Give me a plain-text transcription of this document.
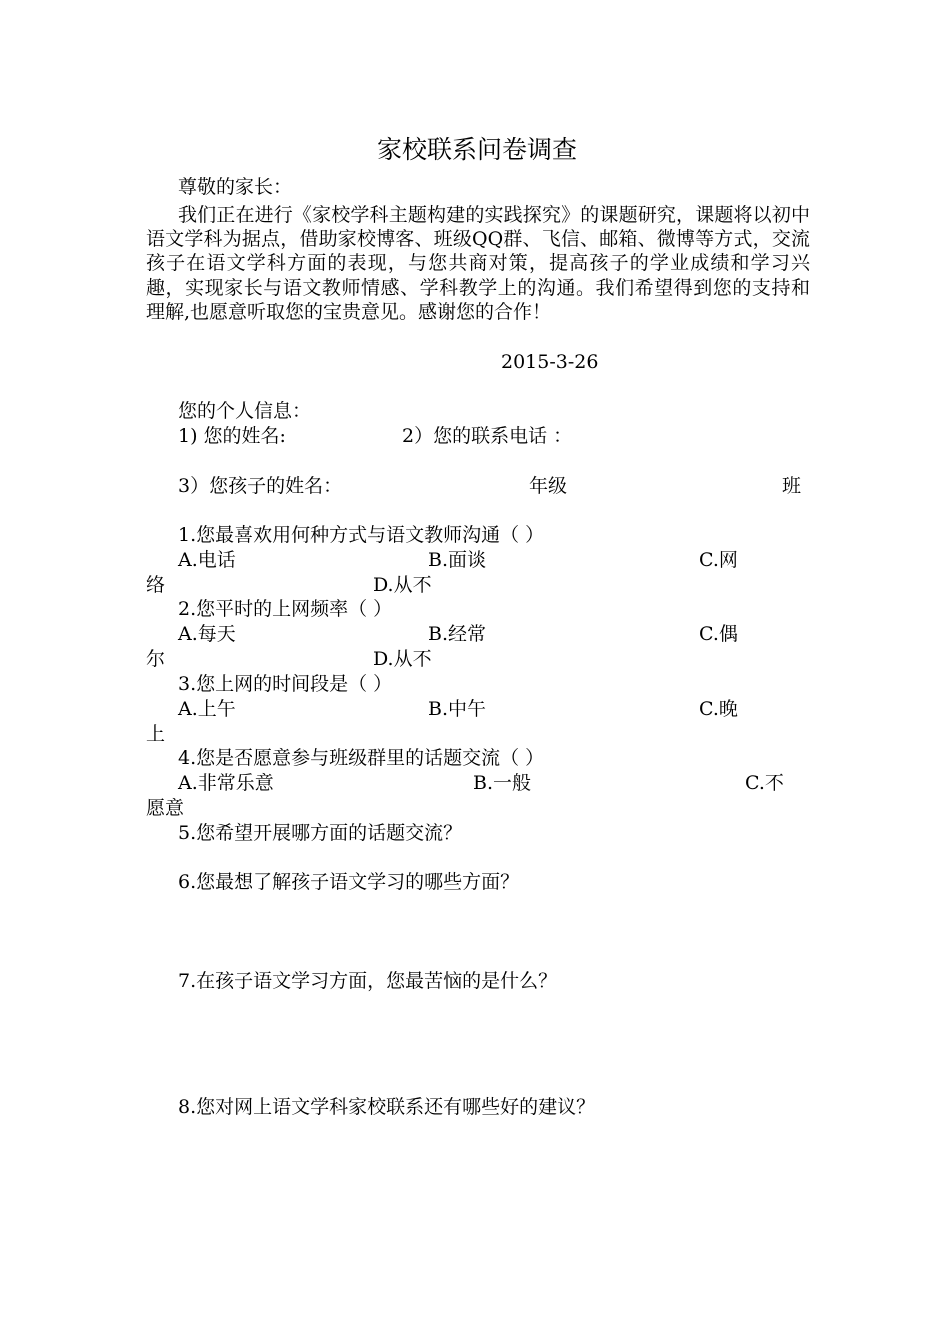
家校联系问卷调查
尊敬的家长：
我们正在进行《家校学科主题构建的实践探究》的课题研究，课题将以初中语文学科为据点，借助家校博客、班级QQ群、飞信、邮箱、微博等方式，交流孩子在语文学科方面的表现，与您共商对策，提高孩子的学业成绩和学习兴趣，实现家长与语文教师情感、学科教学上的沟通。我们希望得到您的支持和理解,也愿意听取您的宝贵意见。感谢您的合作！
2015-3-26
您的个人信息：
1) 您的姓名:	2）您的联系电话 ：
3）您孩子的姓名：	年级	班
1.您最喜欢用何种方式与语文教师沟通（ ）
A.电话	B.面谈	C.网
络	D.从不
2.您平时的上网频率（ ）
A.每天	B.经常	C.偶
尔	D.从不
3.您上网的时间段是（ ）
A.上午	B.中午	C.晚
上
4.您是否愿意参与班级群里的话题交流（ ）
A.非常乐意	B.一般	C.不
愿意
5.您希望开展哪方面的话题交流？
6.您最想了解孩子语文学习的哪些方面？
7.在孩子语文学习方面，您最苦恼的是什么？
8.您对网上语文学科家校联系还有哪些好的建议？
